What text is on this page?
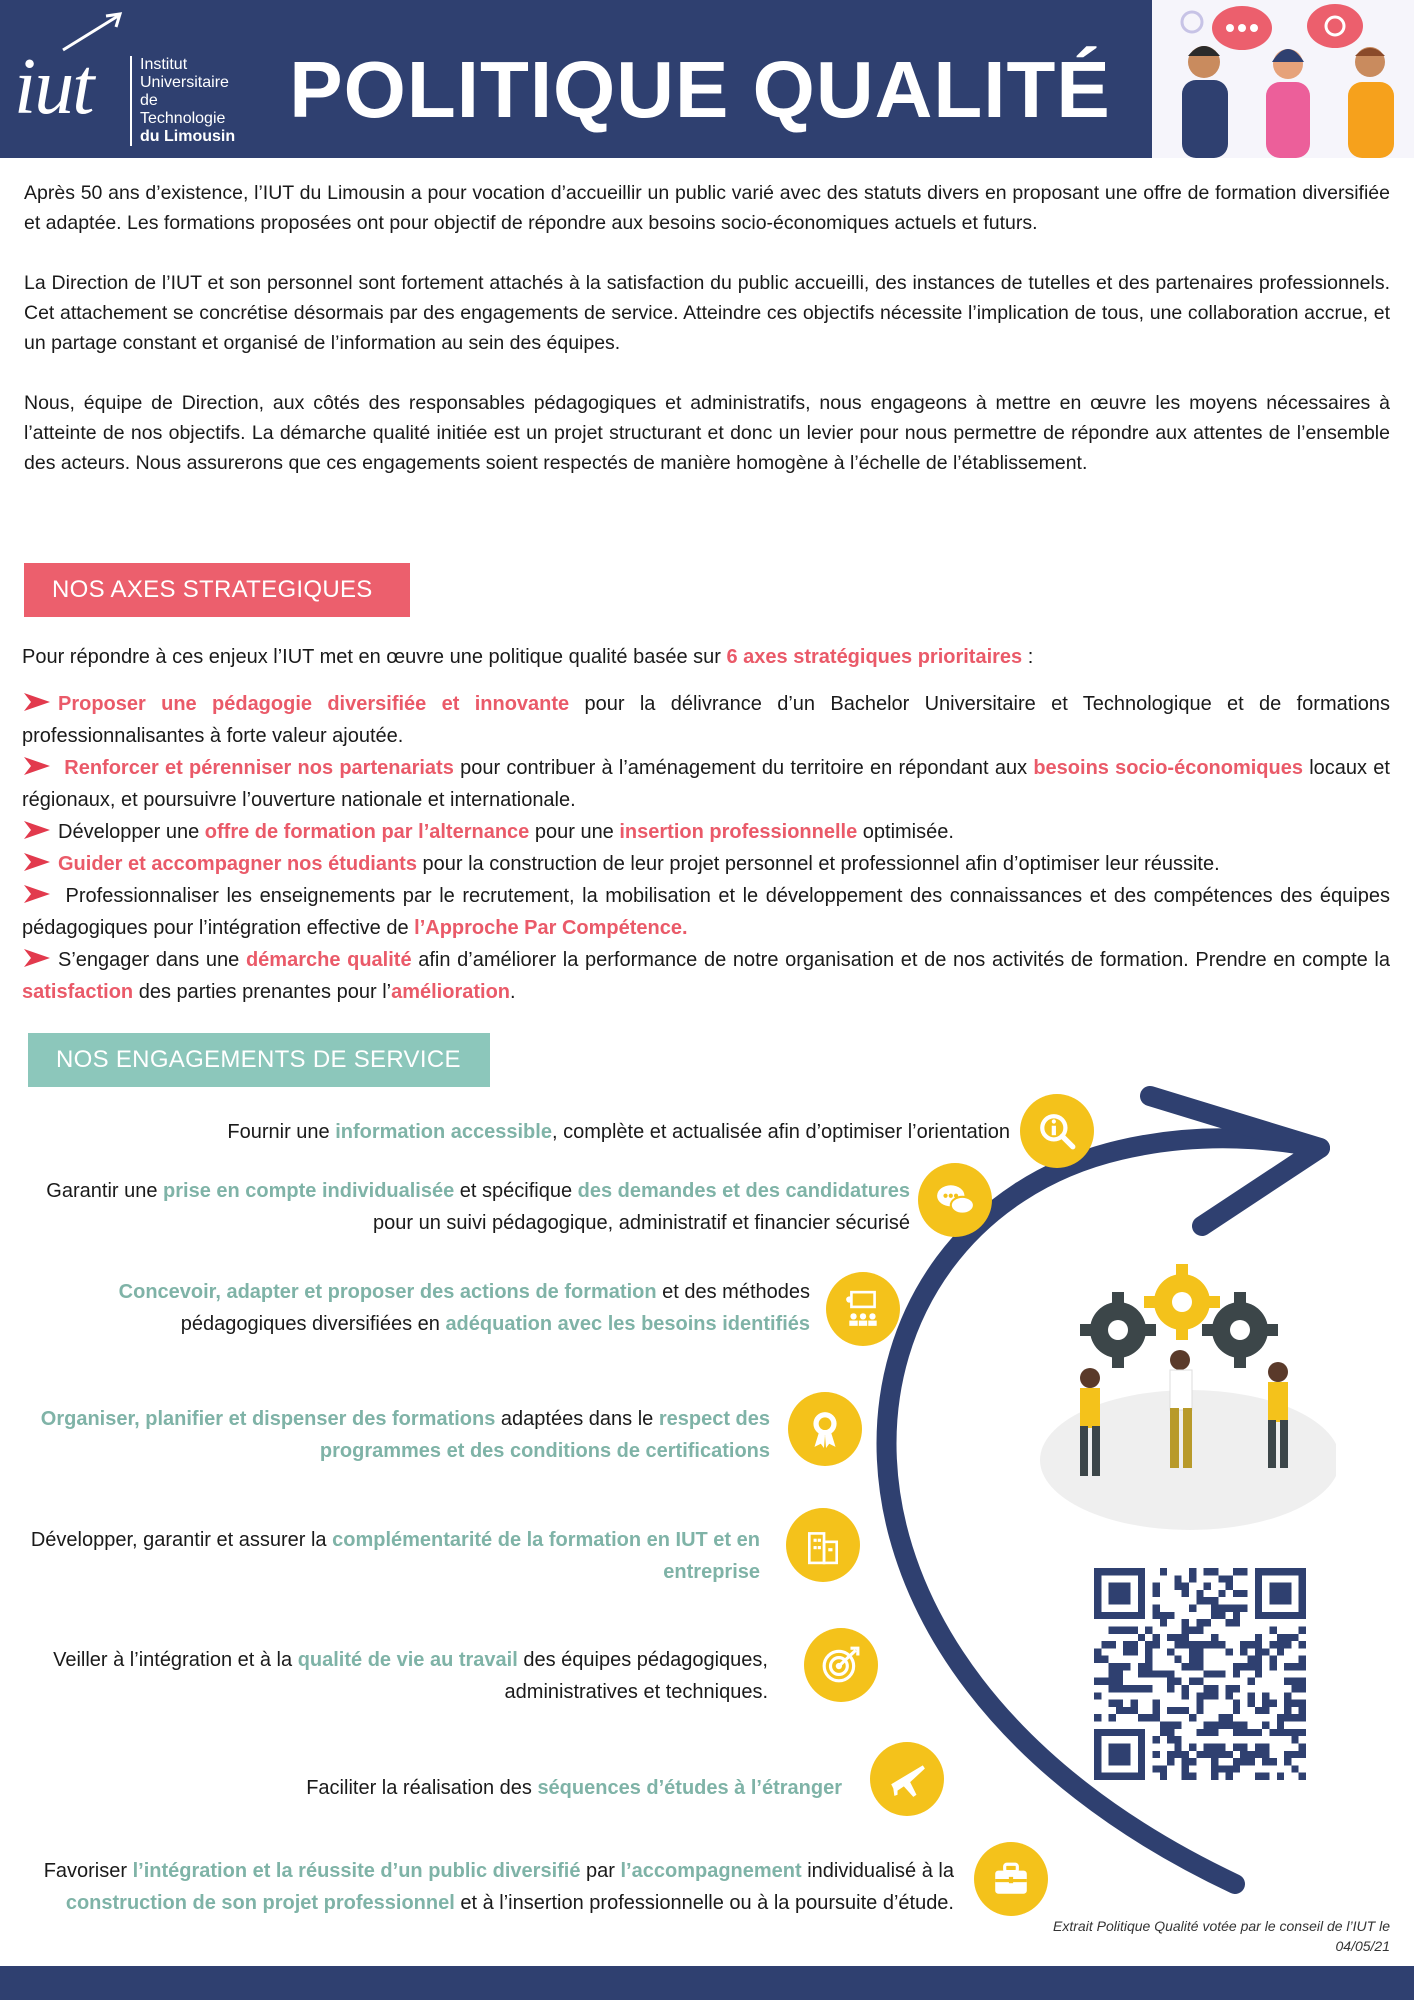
iut	Institut
Universitaire
de Technologie
du Limousin
POLITIQUE QUALITÉ

Après 50 ans d’existence, l’IUT du Limousin a pour vocation d’accueillir un public varié avec des statuts divers en proposant une offre de formation diversifiée et adaptée. Les formations proposées ont pour objectif de répondre aux besoins socio-économiques actuels et futurs.

La Direction de l’IUT et son personnel sont fortement attachés à la satisfaction du public accueilli, des instances de tutelles et des partenaires professionnels. Cet attachement se concrétise désormais par des engagements de service. Atteindre ces objectifs nécessite l’implication de tous, une collaboration accrue, et un partage constant et organisé de l’information au sein des équipes.

Nous, équipe de Direction, aux côtés des responsables pédagogiques et administratifs, nous engageons à mettre en œuvre les moyens nécessaires à l’atteinte de nos objectifs. La démarche qualité initiée est un projet structurant et donc un levier pour nous permettre de répondre aux attentes de l’ensemble des acteurs. Nous assurerons que ces engagements soient respectés de manière homogène à l’échelle de l’établissement.

NOS AXES STRATEGIQUES
Pour répondre à ces enjeux l’IUT met en œuvre une politique qualité basée sur 6 axes stratégiques prioritaires :
Proposer une pédagogie diversifiée et innovante pour la délivrance d’un Bachelor Universitaire et Technologique et de formations professionnalisantes à forte valeur ajoutée.
Renforcer et pérenniser nos partenariats pour contribuer à l’aménagement du territoire en répondant aux besoins socio-économiques locaux et régionaux, et poursuivre l’ouverture nationale et internationale.
Développer une offre de formation par l’alternance pour une insertion professionnelle optimisée.
Guider et accompagner nos étudiants pour la construction de leur projet personnel et professionnel afin d’optimiser leur réussite.
Professionnaliser les enseignements par le recrutement, la mobilisation et le développement des connaissances et des compétences des équipes pédagogiques pour l’intégration effective de l’Approche Par Compétence.
S’engager dans une démarche qualité afin d’améliorer la performance de notre organisation et de nos activités de formation. Prendre en compte la satisfaction des parties prenantes pour l’amélioration.
NOS ENGAGEMENTS DE SERVICE
Fournir une information accessible, complète et actualisée afin d’optimiser l’orientation
Garantir une prise en compte individualisée et spécifique des demandes et des candidatures pour un suivi pédagogique, administratif et financier sécurisé
Concevoir, adapter et proposer des actions de formation et des méthodes pédagogiques diversifiées en adéquation avec les besoins identifiés
Organiser, planifier et dispenser des formations adaptées dans le respect des programmes et des conditions de certifications
Développer, garantir et assurer la complémentarité de la formation en IUT et en entreprise
Veiller à l’intégration et à la qualité de vie au travail des équipes pédagogiques, administratives et techniques.
Faciliter la réalisation des séquences d’études à l’étranger
Favoriser l’intégration et la réussite d’un public diversifié par l’accompagnement individualisé à la construction de son projet professionnel et à l’insertion professionnelle ou à la poursuite d’étude.
Extrait Politique Qualité votée par le conseil de l’IUT le 04/05/21
